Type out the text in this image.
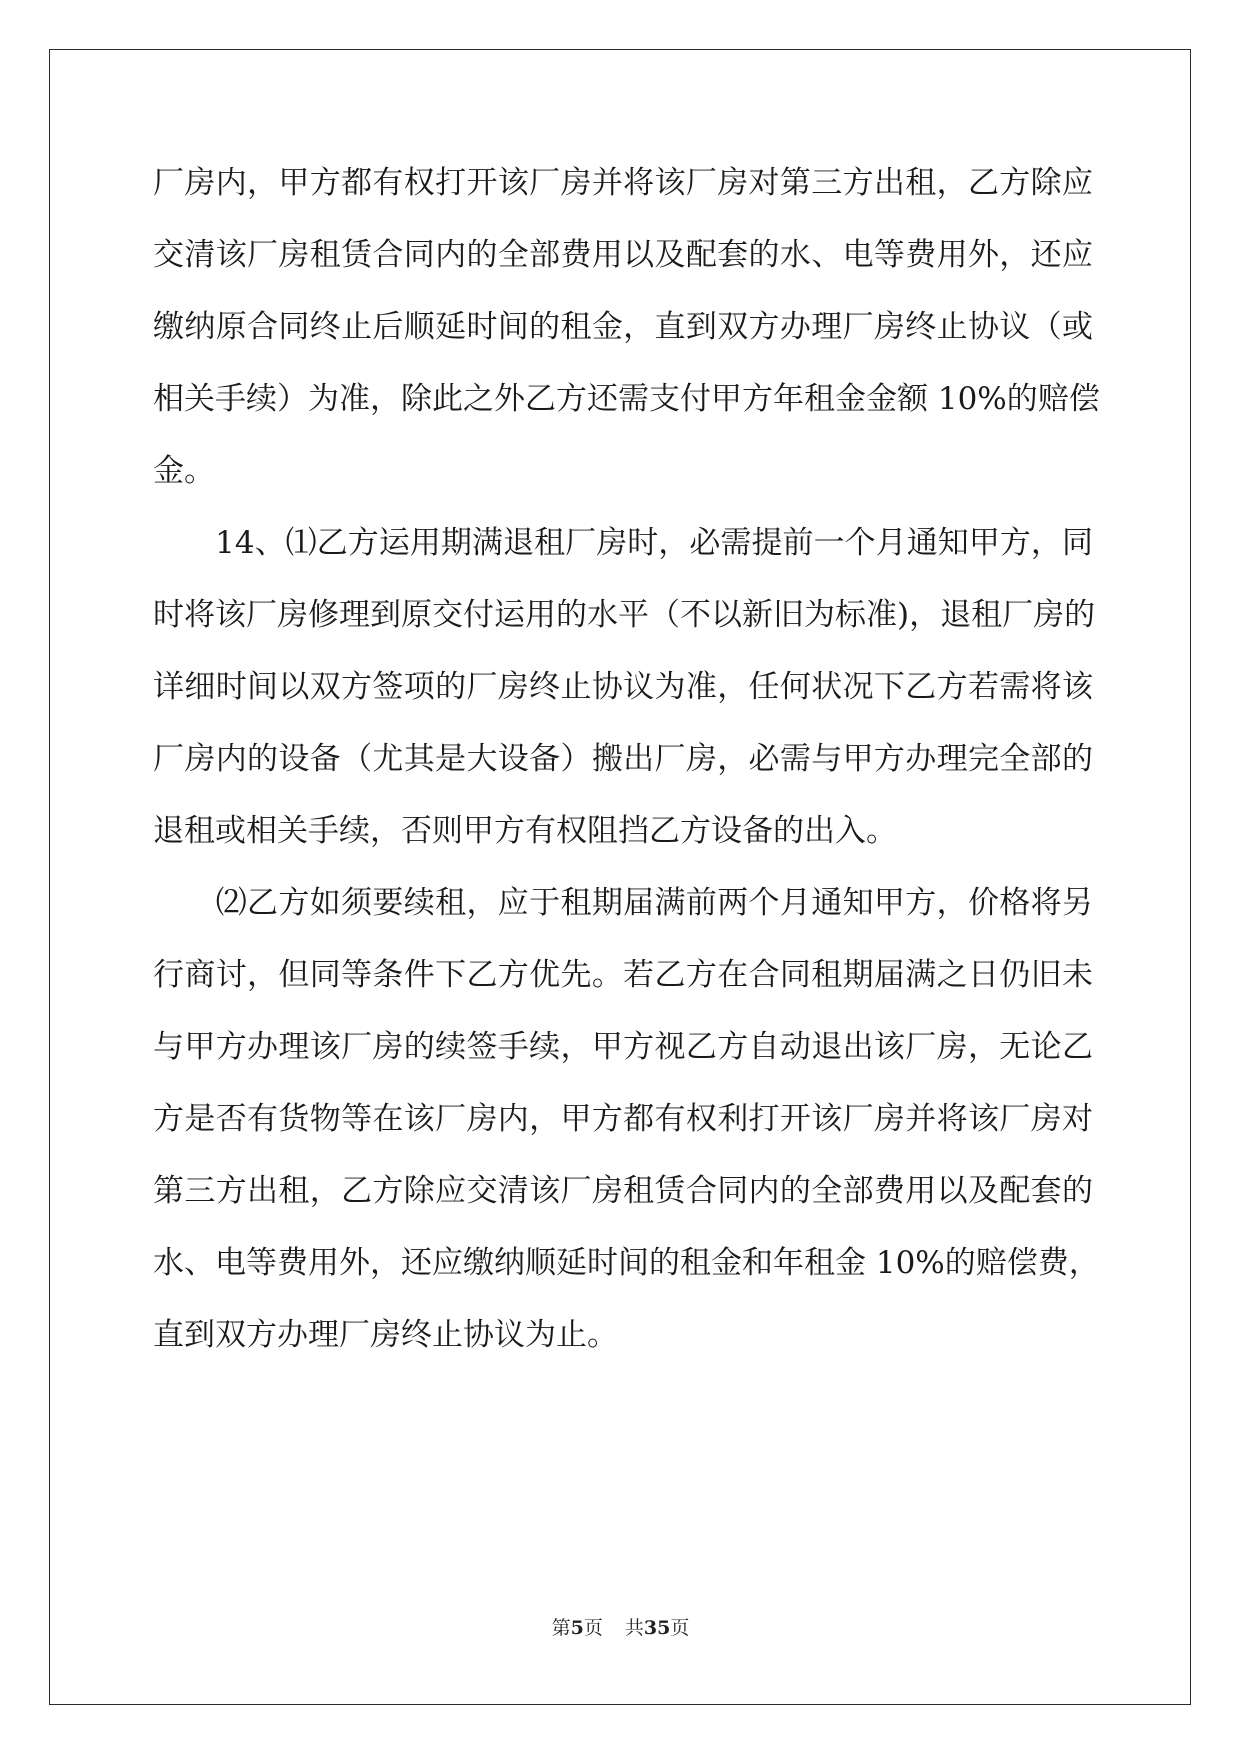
厂房内，甲方都有权打开该厂房并将该厂房对第三方出租，乙方除应
交清该厂房租赁合同内的全部费用以及配套的水、电等费用外，还应
缴纳原合同终止后顺延时间的租金，直到双方办理厂房终止协议（或
相关手续）为准，除此之外乙方还需支付甲方年租金金额 10%的赔偿
金。
　　14、⑴乙方运用期满退租厂房时，必需提前一个月通知甲方，同
时将该厂房修理到原交付运用的水平（不以新旧为标准)，退租厂房的
详细时间以双方签项的厂房终止协议为准，任何状况下乙方若需将该
厂房内的设备（尤其是大设备）搬出厂房，必需与甲方办理完全部的
退租或相关手续，否则甲方有权阻挡乙方设备的出入。
　　⑵乙方如须要续租，应于租期届满前两个月通知甲方，价格将另
行商讨，但同等条件下乙方优先。若乙方在合同租期届满之日仍旧未
与甲方办理该厂房的续签手续，甲方视乙方自动退出该厂房，无论乙
方是否有货物等在该厂房内，甲方都有权利打开该厂房并将该厂房对
第三方出租，乙方除应交清该厂房租赁合同内的全部费用以及配套的
水、电等费用外，还应缴纳顺延时间的租金和年租金 10%的赔偿费，
直到双方办理厂房终止协议为止。
第5页 共35页
